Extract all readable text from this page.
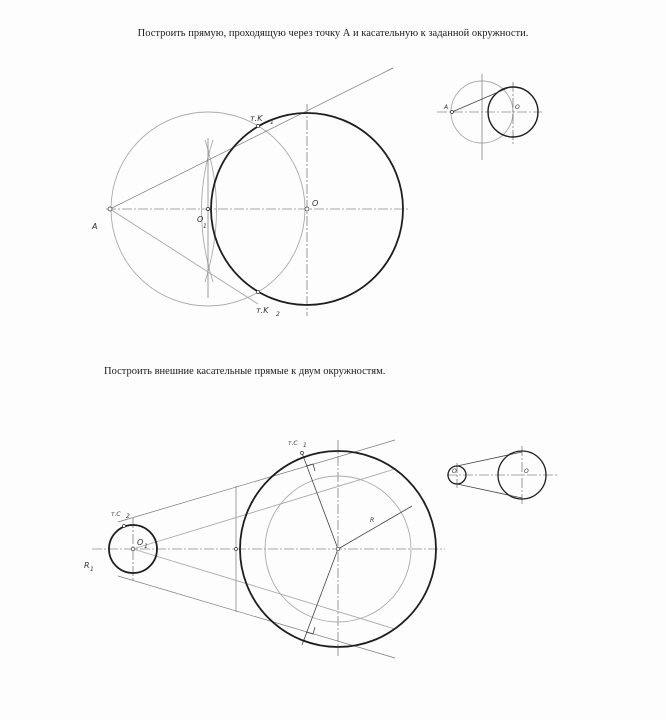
Построить прямую, проходящую через точку А и касательную к заданной окружности.

Построить внешние касательные прямые к двум окружностям.

A
O
O
1
т.K 1
т.K 2
A	O
R 1
O 1
т.С 1
т.С 2
R
O	O
